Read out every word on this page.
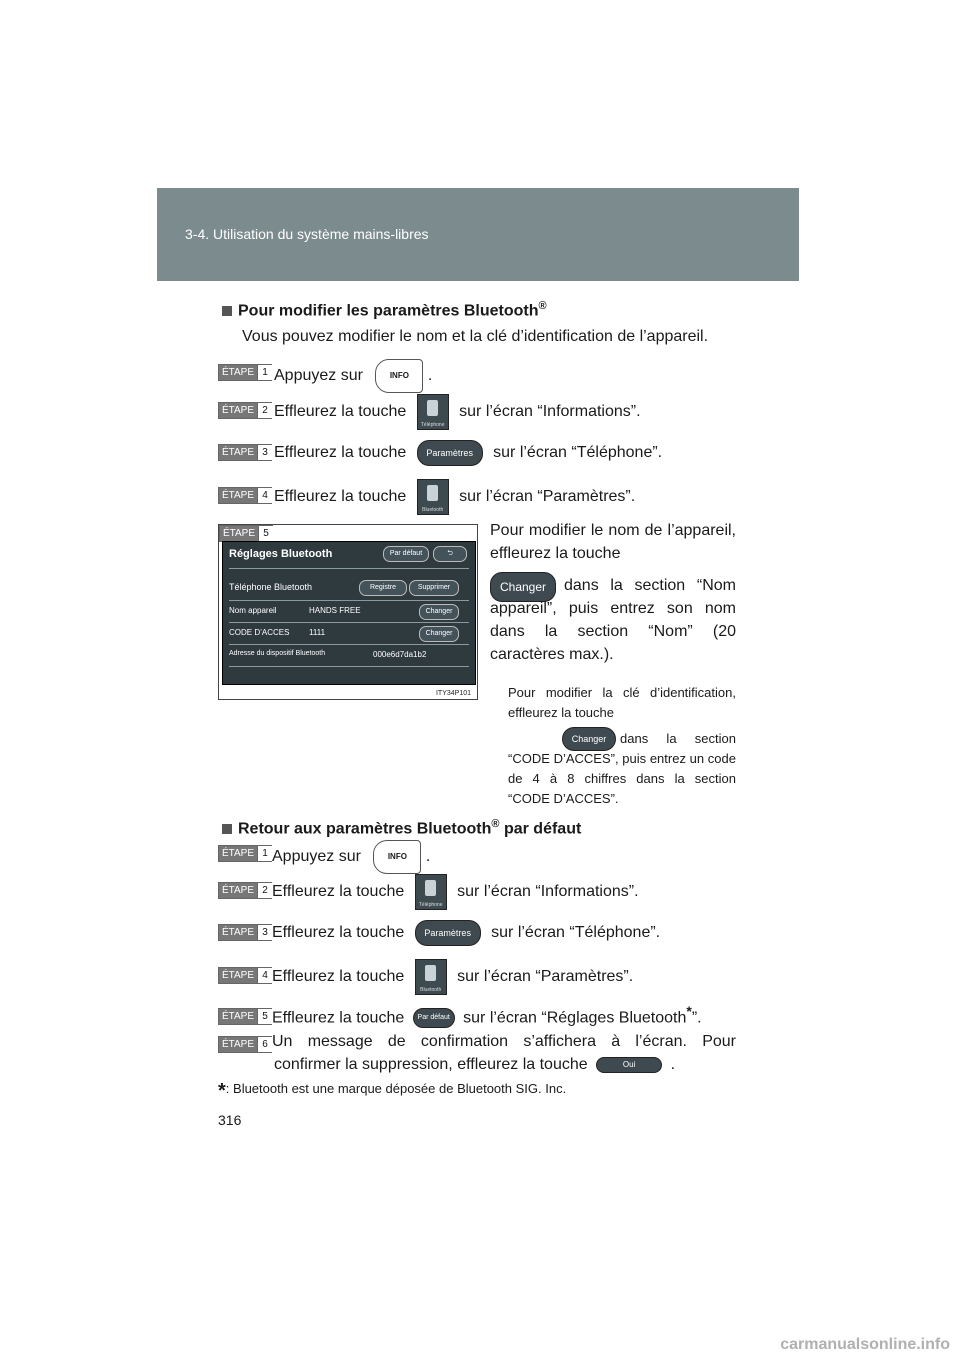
3-4. Utilisation du système mains-libres
Pour modifier les paramètres Bluetooth®
Vous pouvez modifier le nom et la clé d’identification de l’appareil.
ÉTAPE 1 Appuyez sur	INFO .
ÉTAPE 2 Effleurez la touche
Téléphone
sur l’écran “Informations”.
ÉTAPE 3 Effleurez la touche Paramètres sur l’écran “Téléphone”.
ÉTAPE 4 Effleurez la touche
Bluetooth
sur l’écran “Paramètres”.
ÉTAPE 5
Réglages Bluetooth	Par défaut	⮌
Téléphone Bluetooth	Registre	Supprimer
Nom appareil	HANDS FREE	Changer
CODE D’ACCES 1111	Changer
Adresse du dispositif Bluetooth	000e6d7da1b2
ITY34P101
Pour modifier le nom de l’appareil, effleurez la touche
Changer	dans la section “Nom appareil”, puis entrez son nom dans la section “Nom” (20 caractères max.).
Pour modifier la clé d’identification, effleurez la touche
Changer	dans la section “CODE D’ACCES”, puis entrez un code de 4 à 8 chiffres dans la section “CODE D’ACCES”.
Retour aux paramètres Bluetooth® par défaut
ÉTAPE 1 Appuyez sur	INFO .
ÉTAPE 2 Effleurez la touche
Téléphone
sur l’écran “Informations”.
ÉTAPE 3 Effleurez la touche Paramètres sur l’écran “Téléphone”.
ÉTAPE 4 Effleurez la touche
Bluetooth
sur l’écran “Paramètres”.
ÉTAPE 5 Effleurez la touche Par défaut sur l’écran “Réglages Bluetooth*”.
ÉTAPE 6 Un message de confirmation s’affichera à l’écran. Pour
confirmer la suppression, effleurez la touche	Oui .
*: Bluetooth est une marque déposée de Bluetooth SIG. Inc.
316
carmanualsonline.info
